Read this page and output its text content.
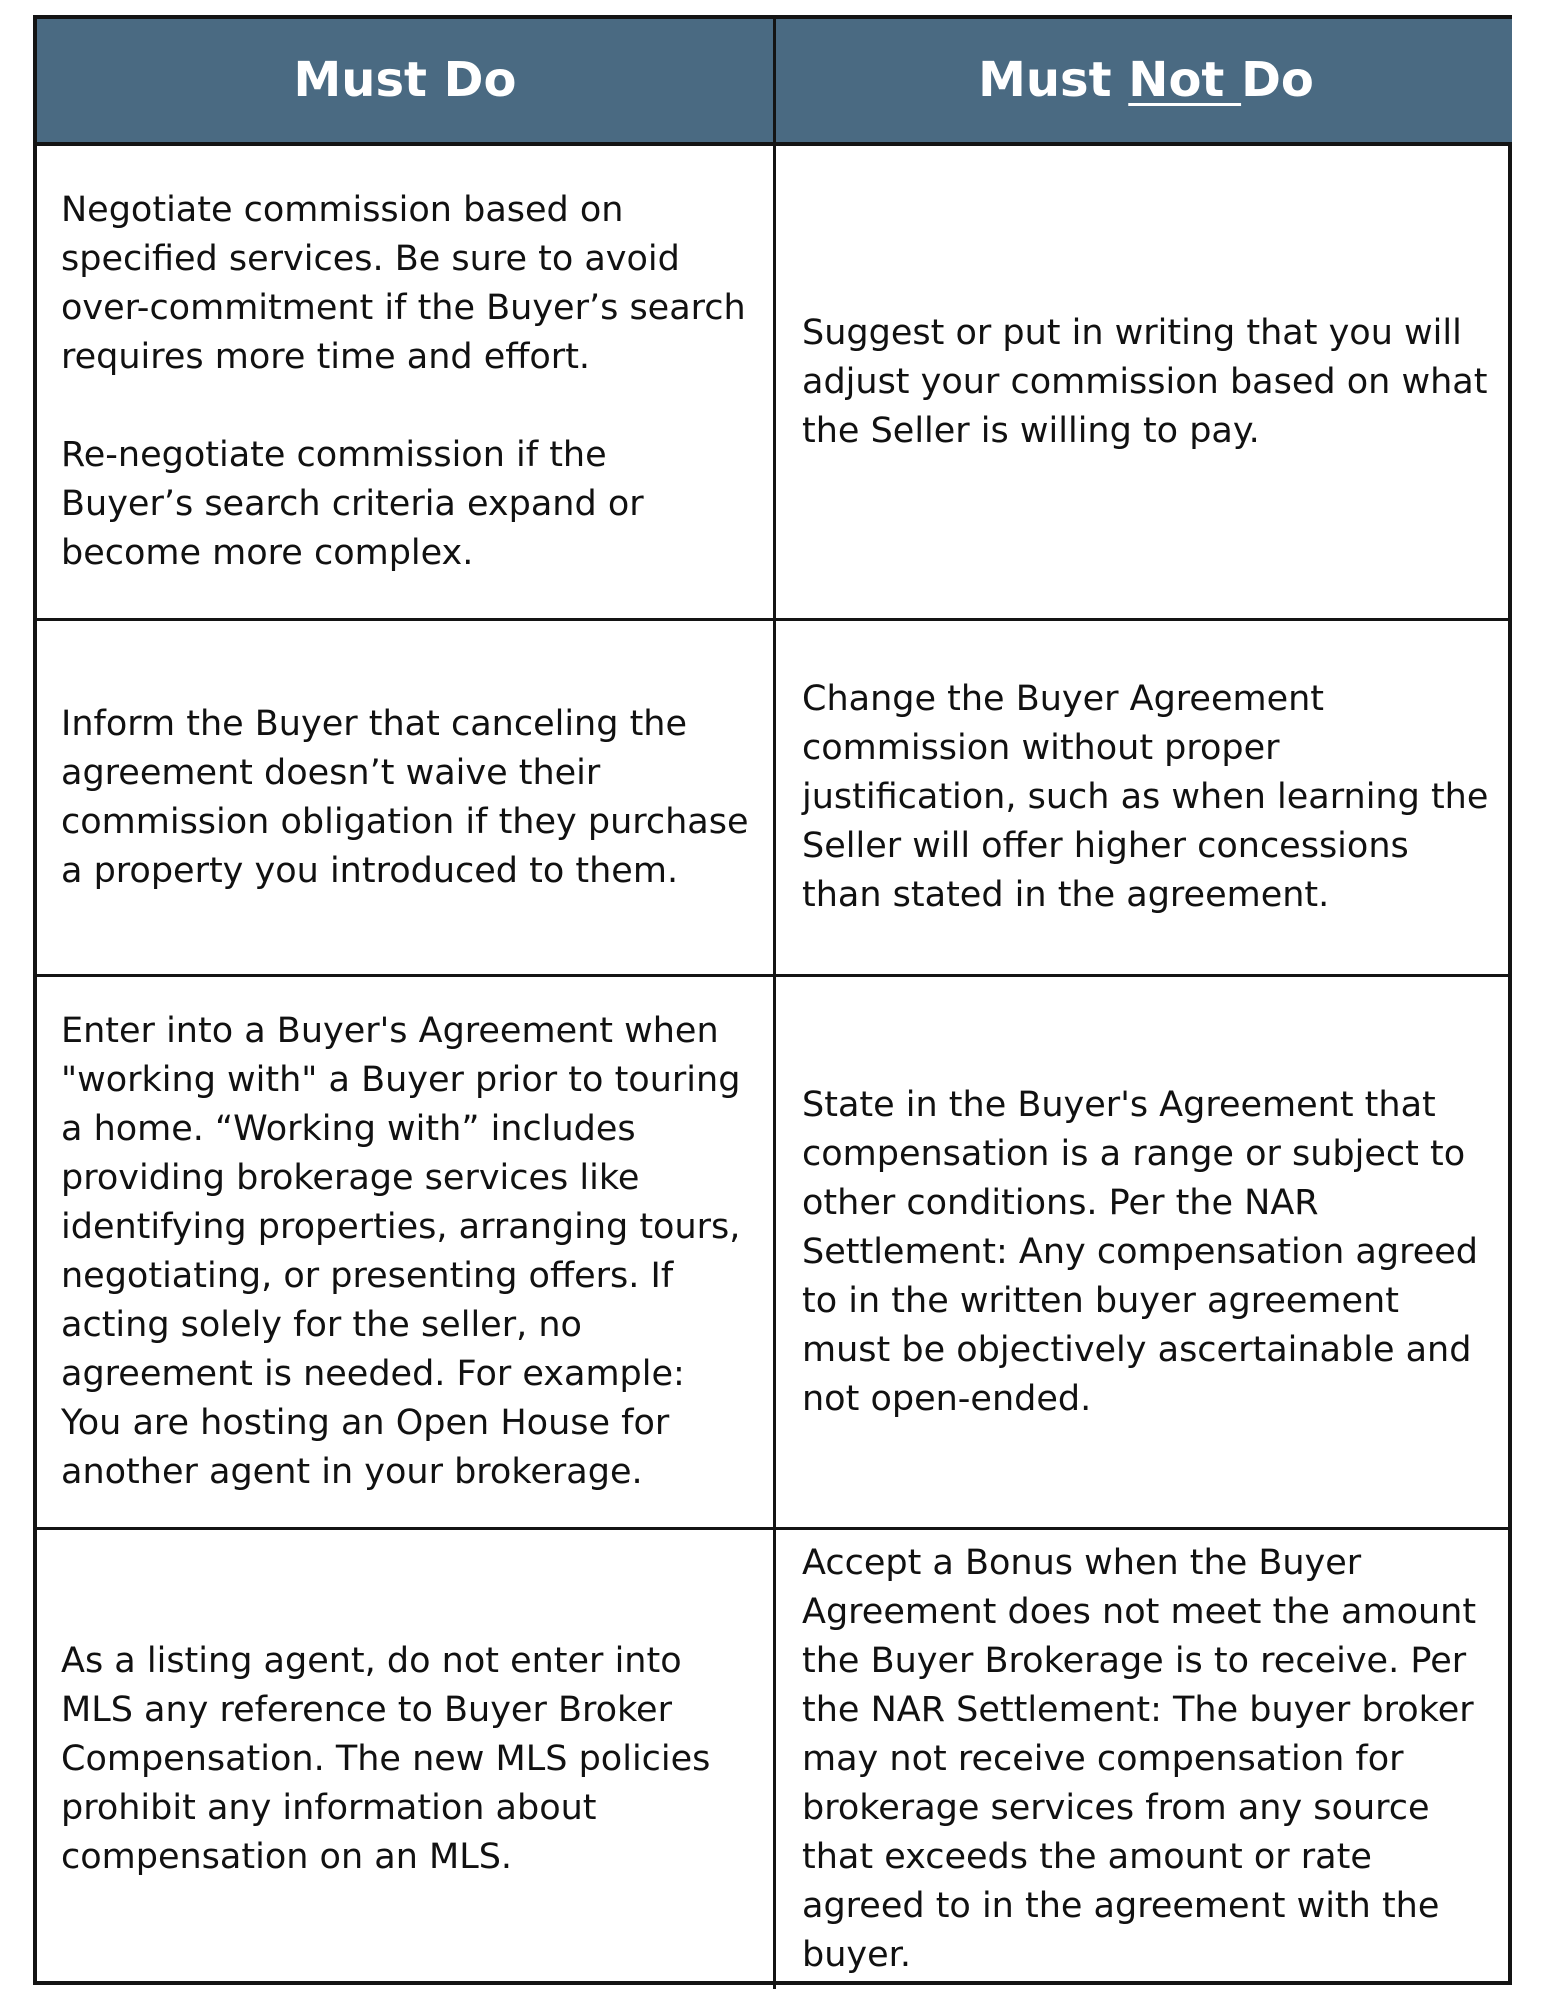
Must Do	Must Not Do

Negotiate commission based on specified services. Be sure to avoid over-commitment if the Buyer’s search requires more time and effort.

Re-negotiate commission if the Buyer’s search criteria expand or become more complex.

Suggest or put in writing that you will adjust your commission based on what the Seller is willing to pay.

Inform the Buyer that canceling the agreement doesn’t waive their commission obligation if they purchase a property you introduced to them.

Change the Buyer Agreement commission without proper justification, such as when learning the Seller will offer higher concessions than stated in the agreement.

Enter into a Buyer's Agreement when "working with" a Buyer prior to touring a home. “Working with” includes providing brokerage services like identifying properties, arranging tours, negotiating, or presenting offers. If acting solely for the seller, no agreement is needed. For example: You are hosting an Open House for another agent in your brokerage.

State in the Buyer's Agreement that compensation is a range or subject to other conditions. Per the NAR Settlement: Any compensation agreed to in the written buyer agreement must be objectively ascertainable and not open-ended.

As a listing agent, do not enter into MLS any reference to Buyer Broker Compensation. The new MLS policies prohibit any information about compensation on an MLS.

Accept a Bonus when the Buyer Agreement does not meet the amount the Buyer Brokerage is to receive. Per the NAR Settlement: The buyer broker may not receive compensation for brokerage services from any source that exceeds the amount or rate agreed to in the agreement with the buyer.
